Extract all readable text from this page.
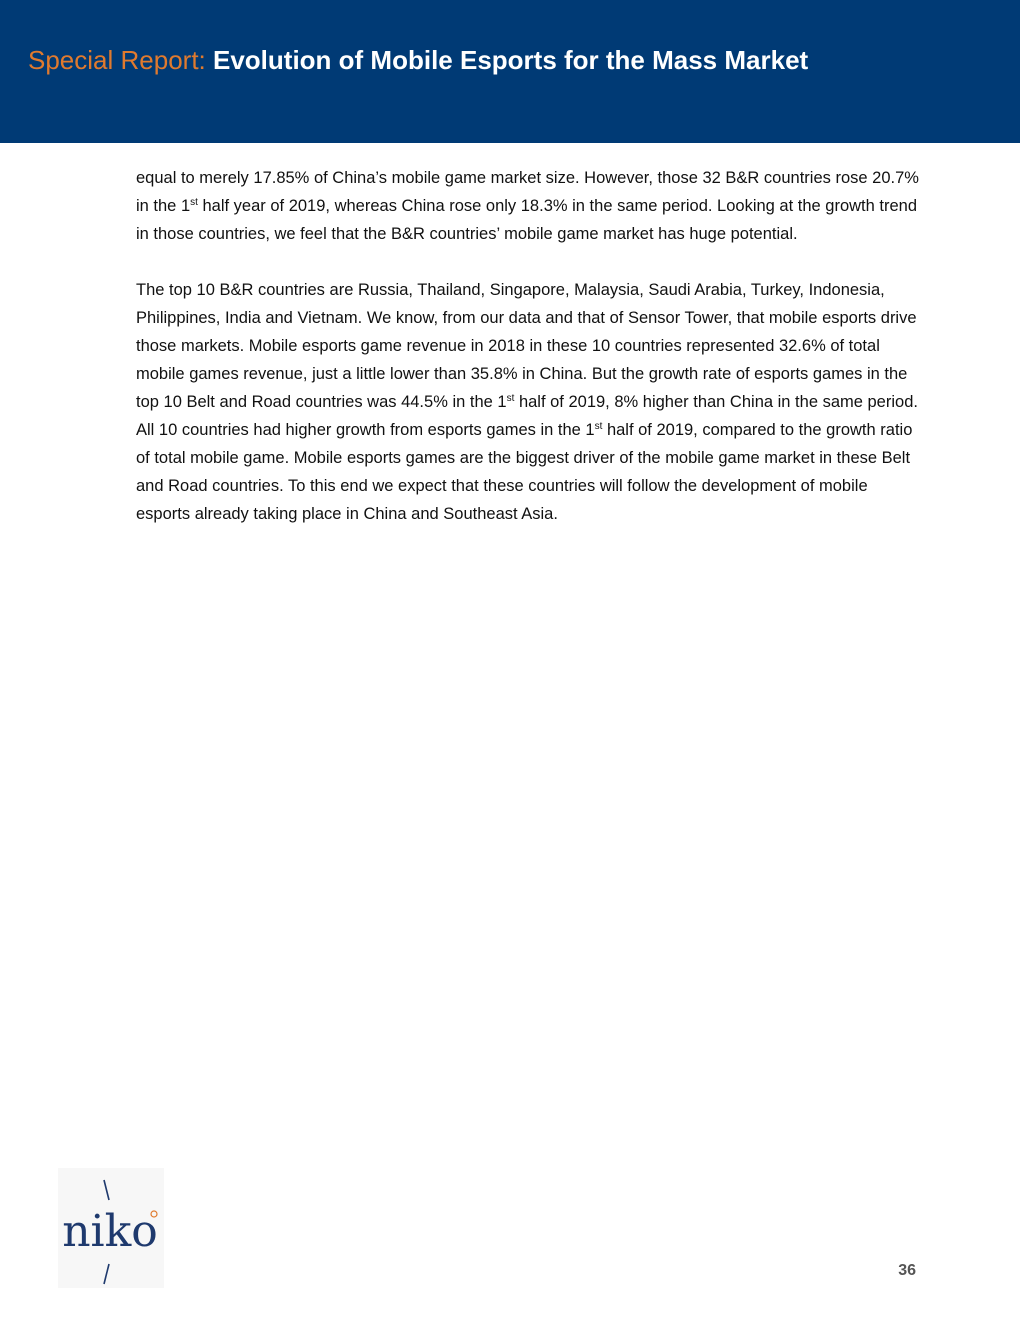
Special Report: Evolution of Mobile Esports for the Mass Market

equal to merely 17.85% of China’s mobile game market size. However, those 32 B&R countries rose 20.7% in the 1st half year of 2019, whereas China rose only 18.3% in the same period. Looking at the growth trend in those countries, we feel that the B&R countries’ mobile game market has huge potential.

The top 10 B&R countries are Russia, Thailand, Singapore, Malaysia, Saudi Arabia, Turkey, Indonesia, Philippines, India and Vietnam. We know, from our data and that of Sensor Tower, that mobile esports drive those markets. Mobile esports game revenue in 2018 in these 10 countries represented 32.6% of total mobile games revenue, just a little lower than 35.8% in China. But the growth rate of esports games in the top 10 Belt and Road countries was 44.5% in the 1st half of 2019, 8% higher than China in the same period. All 10 countries had higher growth from esports games in the 1st half of 2019, compared to the growth ratio of total mobile game. Mobile esports games are the biggest driver of the mobile game market in these Belt and Road countries. To this end we expect that these countries will follow the development of mobile esports already taking place in China and Southeast Asia.

niko
36
